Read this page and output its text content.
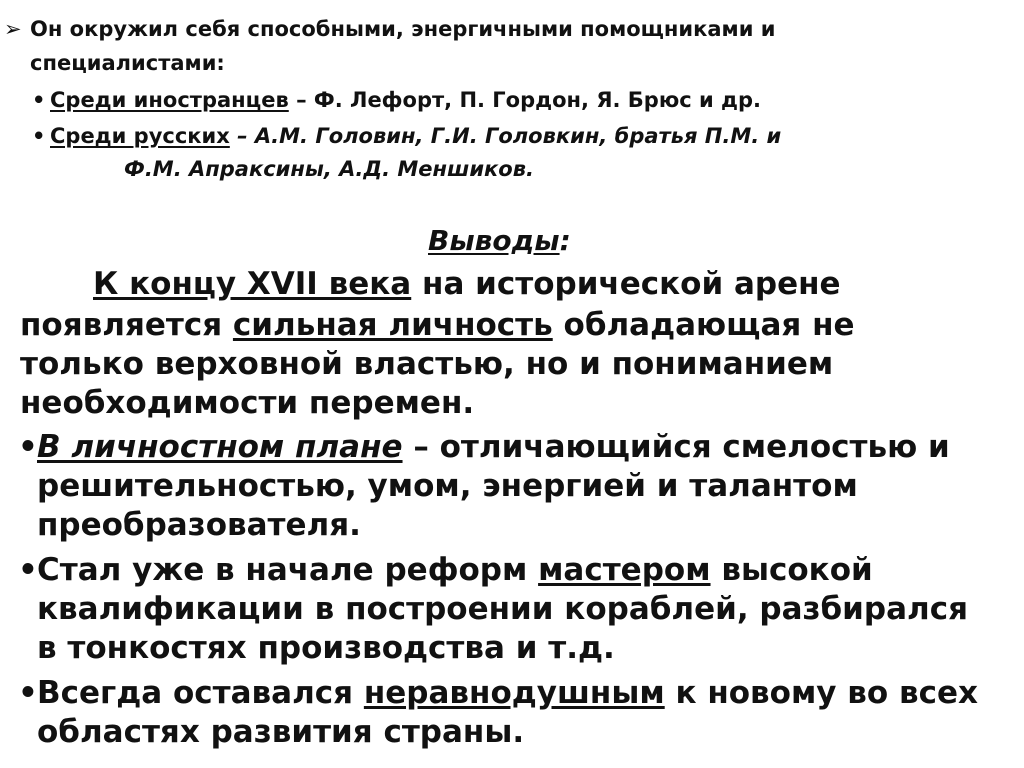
➢ Он окружил себя способными, энергичными помощниками и
специалистами:
• Среди иностранцев – Ф. Лефорт, П. Гордон, Я. Брюс и др.
• Среди русских – А.М. Головин, Г.И. Головкин, братья П.М. и
Ф.М. Апраксины, А.Д. Меншиков.
Выводы:
К концу XVII века на исторической арене
появляется сильная личность обладающая не
только верховной властью, но и пониманием
необходимости перемен.
• В личностном плане – отличающийся смелостью и
решительностью, умом, энергией и талантом
преобразователя.
• Стал уже в начале реформ мастером высокой
квалификации в построении кораблей, разбирался
в тонкостях производства и т.д.
• Всегда оставался неравнодушным к новому во всех
областях развития страны.
